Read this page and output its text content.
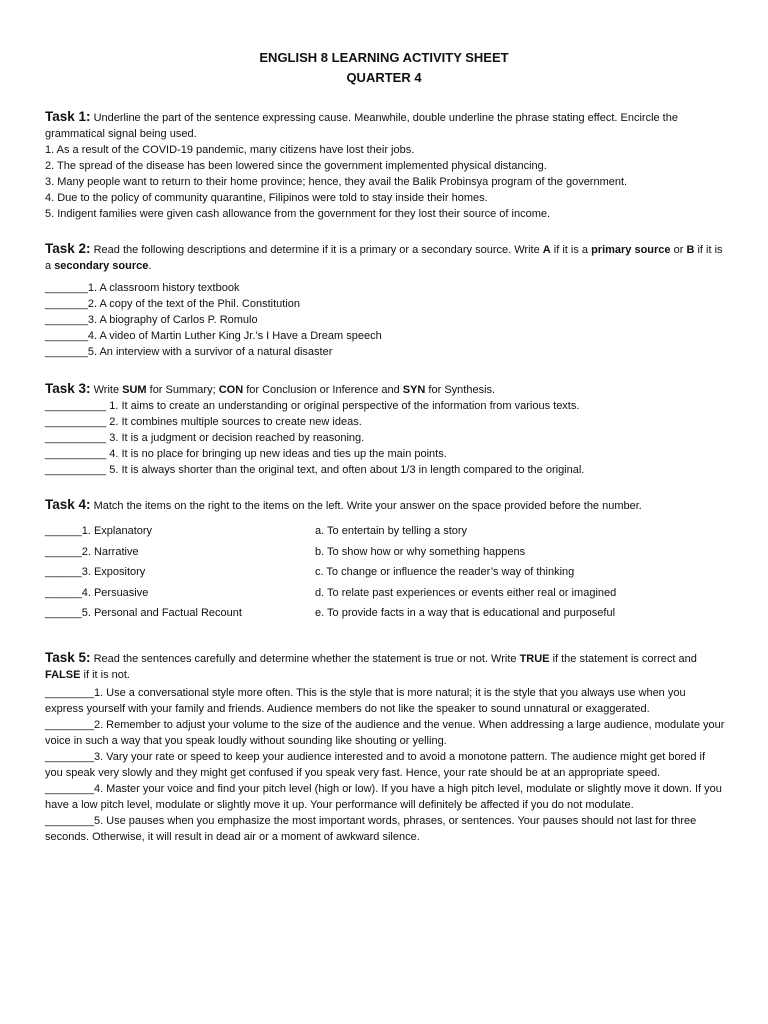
ENGLISH 8 LEARNING ACTIVITY SHEET
QUARTER 4

Task 1: Underline the part of the sentence expressing cause. Meanwhile, double underline the phrase stating effect. Encircle the grammatical signal being used.

1. As a result of the COVID-19 pandemic, many citizens have lost their jobs.

2. The spread of the disease has been lowered since the government implemented physical distancing.

3. Many people want to return to their home province; hence, they avail the Balik Probinsya program of the government.

4. Due to the policy of community quarantine, Filipinos were told to stay inside their homes.

5. Indigent families were given cash allowance from the government for they lost their source of income.

Task 2: Read the following descriptions and determine if it is a primary or a secondary source. Write A if it is a primary source or B if it is a secondary source.

_______1. A classroom history textbook

_______2. A copy of the text of the Phil. Constitution

_______3. A biography of Carlos P. Romulo

_______4. A video of Martin Luther King Jr.’s I Have a Dream speech

_______5. An interview with a survivor of a natural disaster

Task 3: Write SUM for Summary; CON for Conclusion or Inference and SYN for Synthesis.

__________ 1. It aims to create an understanding or original perspective of the information from various texts.

__________ 2. It combines multiple sources to create new ideas.

__________ 3. It is a judgment or decision reached by reasoning.

__________ 4. It is no place for bringing up new ideas and ties up the main points.

__________ 5. It is always shorter than the original text, and often about 1/3 in length compared to the original.

Task 4: Match the items on the right to the items on the left. Write your answer on the space provided before the number.

______1. Explanatory	a. To entertain by telling a story
______2. Narrative	b. To show how or why something happens
______3. Expository	c. To change or influence the reader’s way of thinking
______4. Persuasive	d. To relate past experiences or events either real or imagined
______5. Personal and Factual Recount	e. To provide facts in a way that is educational and purposeful

Task 5: Read the sentences carefully and determine whether the statement is true or not. Write TRUE if the statement is correct and FALSE if it is not.

________1. Use a conversational style more often. This is the style that is more natural; it is the style that you always use when you express yourself with your family and friends. Audience members do not like the speaker to sound unnatural or exaggerated.

________2. Remember to adjust your volume to the size of the audience and the venue. When addressing a large audience, modulate your voice in such a way that you speak loudly without sounding like shouting or yelling.

________3. Vary your rate or speed to keep your audience interested and to avoid a monotone pattern. The audience might get bored if you speak very slowly and they might get confused if you speak very fast. Hence, your rate should be at an appropriate speed.

________4. Master your voice and find your pitch level (high or low). If you have a high pitch level, modulate or slightly move it down. If you have a low pitch level, modulate or slightly move it up. Your performance will definitely be affected if you do not modulate.

________5. Use pauses when you emphasize the most important words, phrases, or sentences. Your pauses should not last for three seconds. Otherwise, it will result in dead air or a moment of awkward silence.
